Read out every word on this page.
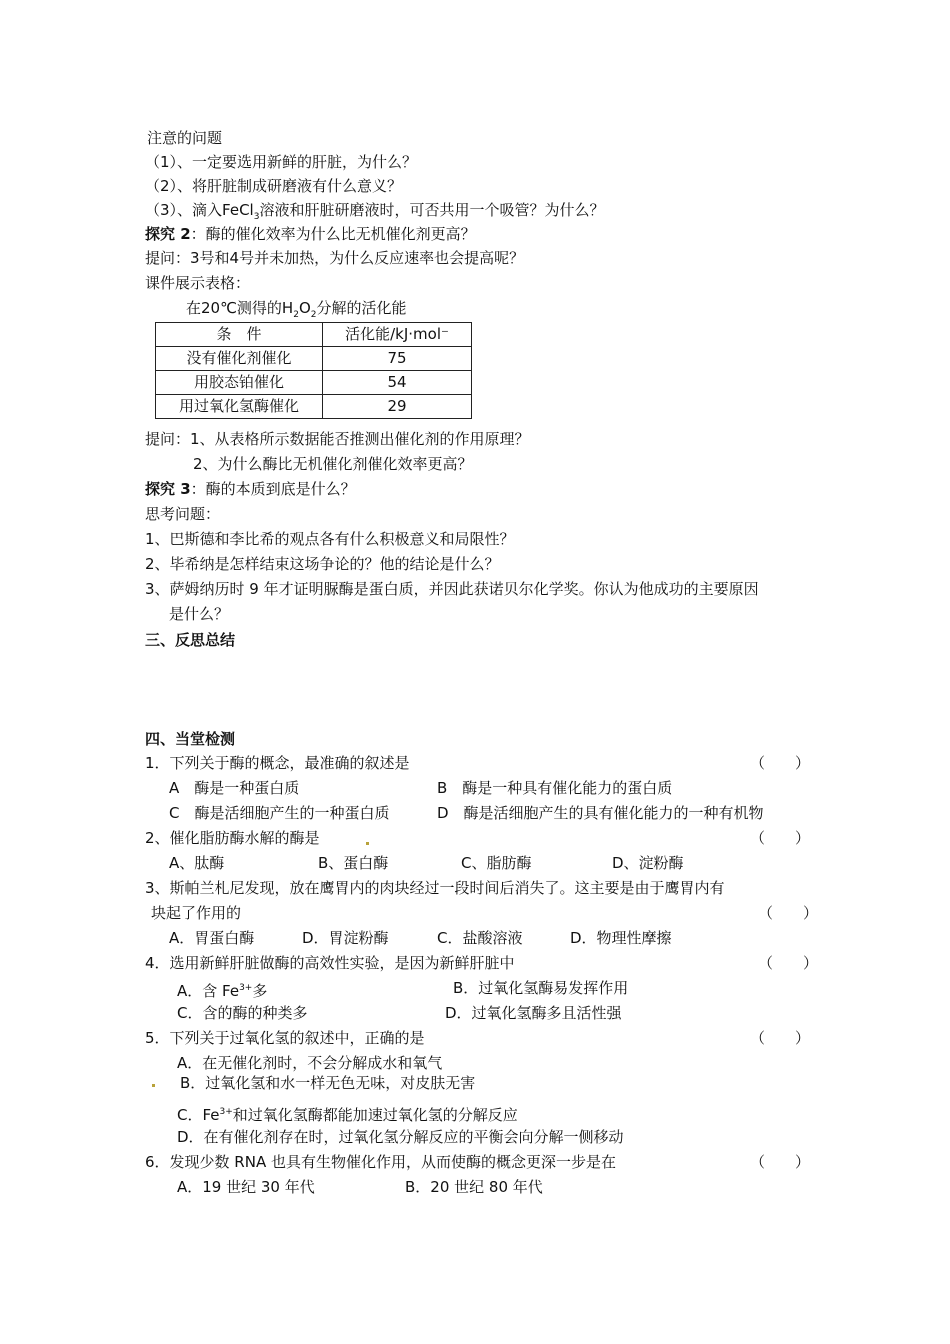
注意的问题
（1）、一定要选用新鲜的肝脏，为什么？
（2）、将肝脏制成研磨液有什么意义？
（3）、滴入FeCl$_3$溶液和肝脏研磨液时，可否共用一个吸管？为什么？
探究 2：酶的催化效率为什么比无机催化剂更高？
提问：3号和4号并未加热，为什么反应速率也会提高呢？
课件展示表格：
在20℃测得的$H_2O_2$分解的活化能
条　件	活化能/kJ·mol⁻
没有催化剂催化	75
用胶态铂催化	54
用过氧化氢酶催化	29
提问：1、从表格所示数据能否推测出催化剂的作用原理？
2、为什么酶比无机催化剂催化效率更高？
探究 3：酶的本质到底是什么？
思考问题：
1、巴斯德和李比希的观点各有什么积极意义和局限性？
2、毕希纳是怎样结束这场争论的？他的结论是什么？
3、萨姆纳历时 9 年才证明脲酶是蛋白质，并因此获诺贝尔化学奖。你认为他成功的主要原因
是什么？
三、反思总结
四、当堂检测
1．下列关于酶的概念，最准确的叙述是	（　　）
A　酶是一种蛋白质	B　酶是一种具有催化能力的蛋白质
C　酶是活细胞产生的一种蛋白质	D　酶是活细胞产生的具有催化能力的一种有机物
2、催化脂肪酶水解的酶是	（　　）
A、肽酶	B、蛋白酶	C、脂肪酶	D、淀粉酶
3、斯帕兰札尼发现，放在鹰胃内的肉块经过一段时间后消失了。这主要是由于鹰胃内有
块起了作用的	（　　）
A．胃蛋白酶	D．胃淀粉酶	C．盐酸溶液	D．物理性摩擦
4．选用新鲜肝脏做酶的高效性实验，是因为新鲜肝脏中	（　　）
A．含 $Fe^{3+}$多	B．过氧化氢酶易发挥作用
C．含的酶的种类多	D．过氧化氢酶多且活性强
5．下列关于过氧化氢的叙述中，正确的是	（　　）
A．在无催化剂时，不会分解成水和氧气
B．过氧化氢和水一样无色无味，对皮肤无害
C．$Fe^{3+}$和过氧化氢酶都能加速过氧化氢的分解反应
D．在有催化剂存在时，过氧化氢分解反应的平衡会向分解一侧移动
6．发现少数 RNA 也具有生物催化作用，从而使酶的概念更深一步是在	（　　）
A．19 世纪 30 年代	B．20 世纪 80 年代
